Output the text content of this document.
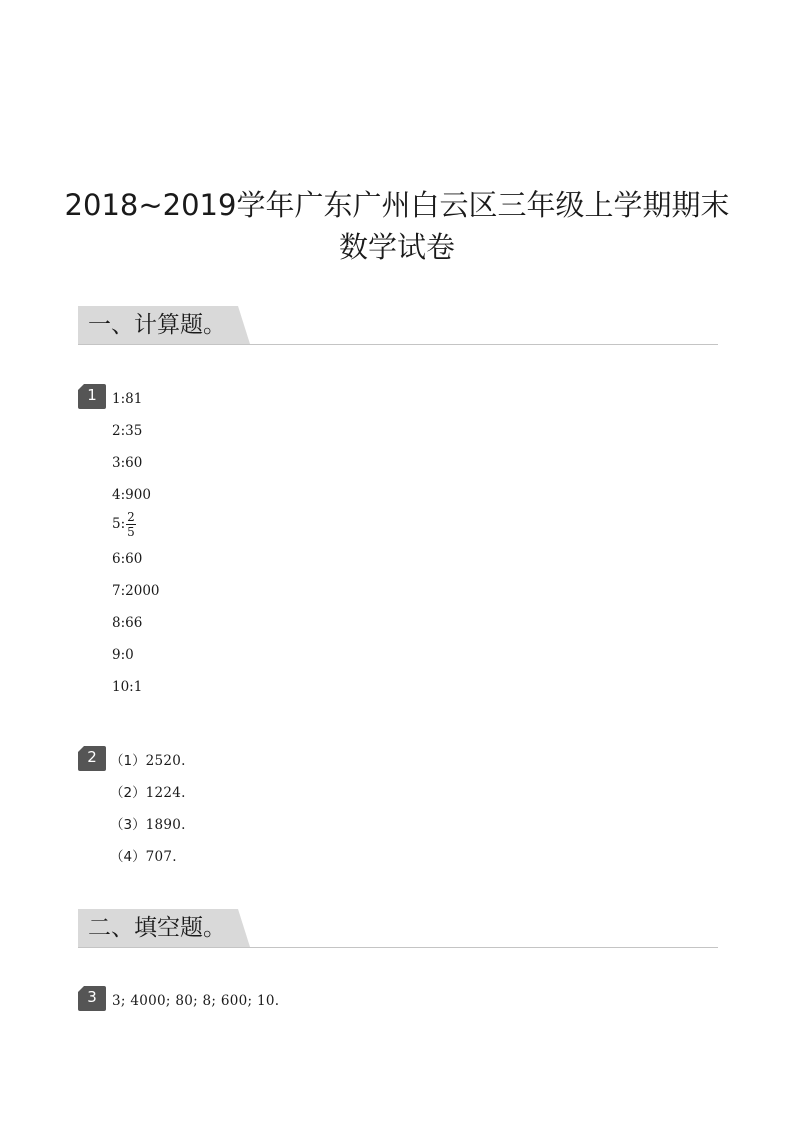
2018~2019学年广东广州白云区三年级上学期期末
数学试卷
一、计算题。
1	1:81
2:35
3:60
4:900
5: $\frac{2}{5}$
6:60
7:2000
8:66
9:0
10:1
2 （1）2520.
（2）1224.
（3）1890.
（4）707.
二、填空题。
3	3; 4000; 80; 8; 600; 10.
